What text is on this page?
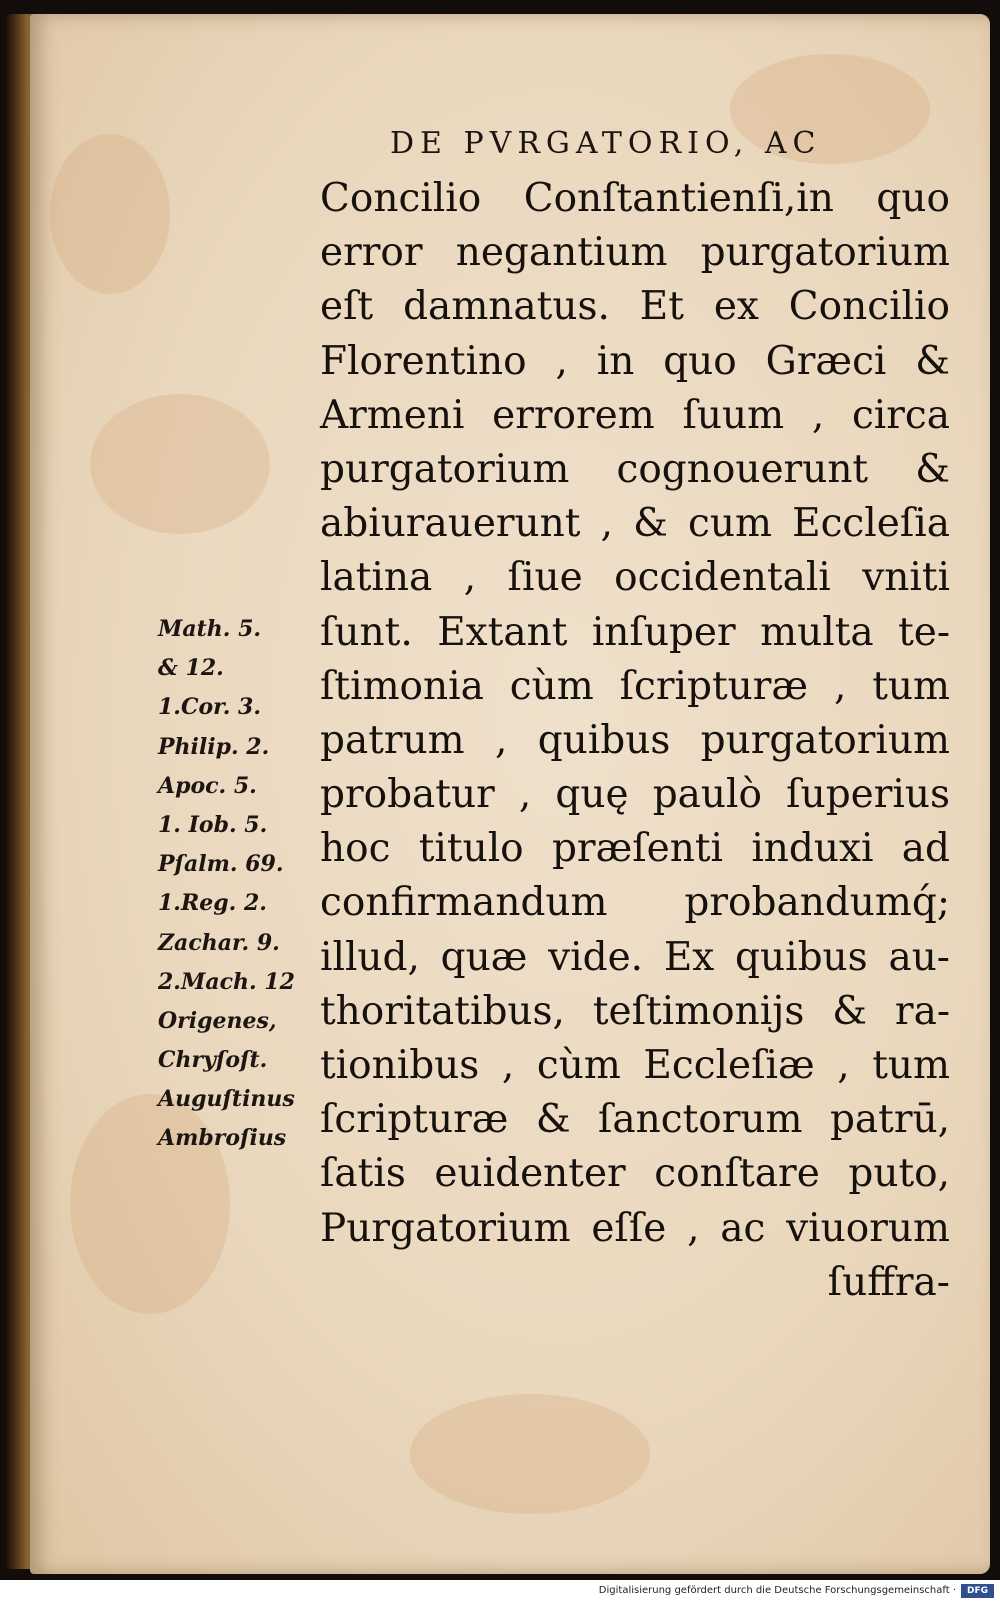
DE PVRGATORIO, AC
Concilio Conſtantienſi,in quo
error negantium purgatorium
eſt damnatus. Et ex Concilio
Florentino , in quo Græci &
Armeni errorem ſuum , circa
purgatorium cognouerunt &
abiurauerunt , & cum Eccleſia
latina , ſiue occidentali vniti
ſunt. Extant inſuper multa te-
ſtimonia cùm ſcripturæ , tum
patrum , quibus purgatorium
probatur , quę paulò ſuperius
hoc titulo præſenti induxi ad
confirmandum probandumq́;
illud, quæ vide. Ex quibus au-
thoritatibus, teſtimonijs & ra-
tionibus , cùm Eccleſiæ , tum
ſcripturæ & ſanctorum patrū,
ſatis euidenter conſtare puto,
Purgatorium eſſe , ac viuorum
ſuffra-
Math. 5.
& 12.
1.Cor. 3.
Philip. 2.
Apoc. 5.
1. Iob. 5.
Pſalm. 69.
1.Reg. 2.
Zachar. 9.
2.Mach. 12
Origenes,
Chryſoſt.
Auguſtinus
Ambroſius
Digitalisierung gefördert durch die Deutsche Forschungsgemeinschaft ·	DFG
